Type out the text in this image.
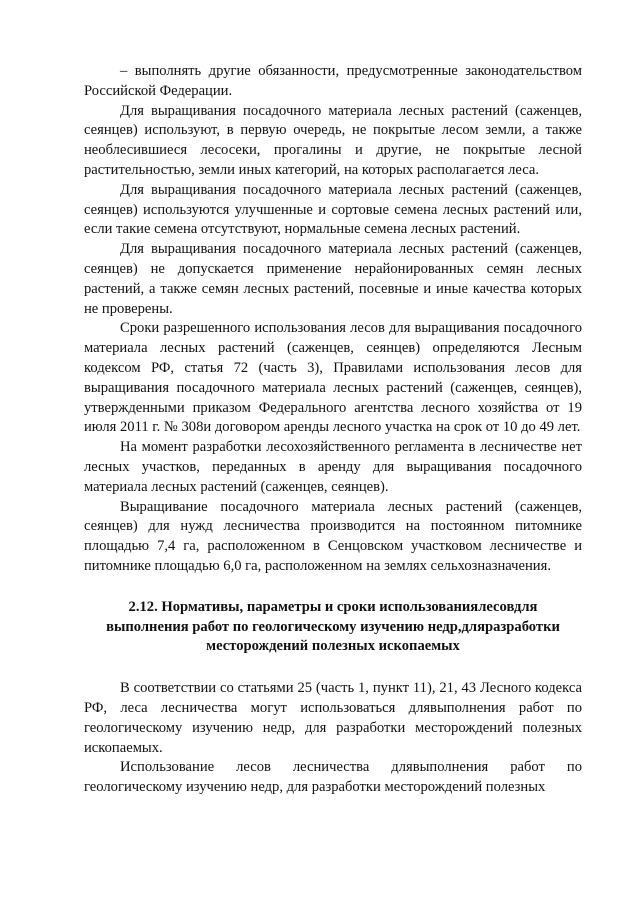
– выполнять другие обязанности, предусмотренные законодательством Российской Федерации.

Для выращивания посадочного материала лесных растений (саженцев, сеянцев) используют, в первую очередь, не покрытые лесом земли, а также необлесившиеся лесосеки, прогалины и другие, не покрытые лесной растительностью, земли иных категорий, на которых располагается леса.

Для выращивания посадочного материала лесных растений (саженцев, сеянцев) используются улучшенные и сортовые семена лесных растений или, если такие семена отсутствуют, нормальные семена лесных растений.

Для выращивания посадочного материала лесных растений (саженцев, сеянцев) не допускается применение нерайонированных семян лесных растений, а также семян лесных растений, посевные и иные качества которых не проверены.

Сроки разрешенного использования лесов для выращивания посадочного материала лесных растений (саженцев, сеянцев) определяются Лесным кодексом РФ, статья 72 (часть 3), Правилами использования лесов для выращивания посадочного материала лесных растений (саженцев, сеянцев), утвержденными приказом Федерального агентства лесного хозяйства от 19 июля 2011 г. № 308и договором аренды лесного участка на срок от 10 до 49 лет.

На момент разработки лесохозяйственного регламента в лесничестве нет лесных участков, переданных в аренду для выращивания посадочного материала лесных растений (саженцев, сеянцев).

Выращивание посадочного материала лесных растений (саженцев, сеянцев) для нужд лесничества производится на постоянном питомнике площадью 7,4 га, расположенном в Сенцовском участковом лесничестве и питомнике площадью 6,0 га, расположенном на землях сельхозназначения.

2.12. Нормативы, параметры и сроки использованиялесовдля
выполнения работ по геологическому изучению недр,дляразработки
месторождений полезных ископаемых

В соответствии со статьями 25 (часть 1, пункт 11), 21, 43 Лесного кодекса РФ, леса лесничества могут использоваться длявыполнения работ по геологическому изучению недр, для разработки месторождений полезных ископаемых.

Использование лесов лесничества длявыполнения работ по геологическому изучению недр, для разработки месторождений полезных
